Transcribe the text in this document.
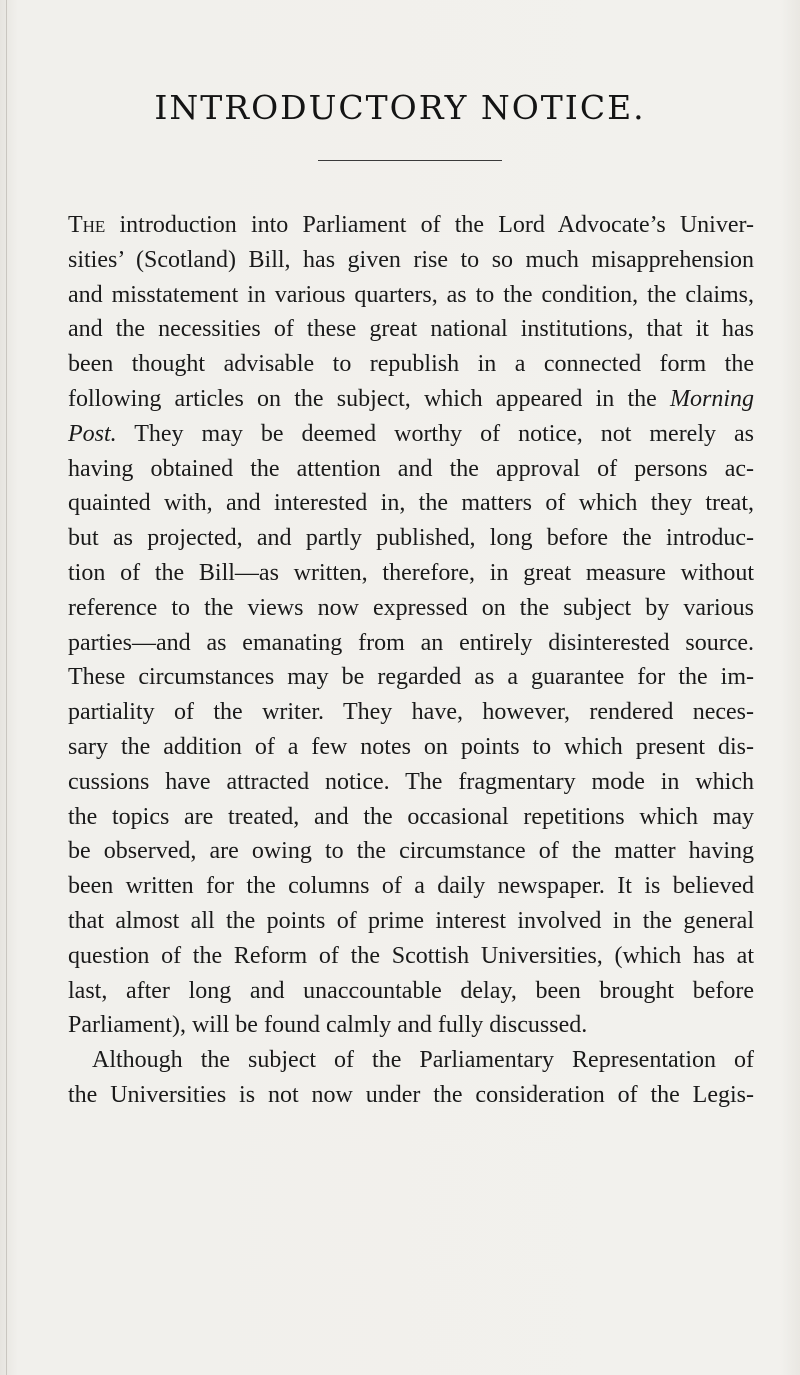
INTRODUCTORY NOTICE.
The introduction into Parliament of the Lord Advocate’s Univer-
sities’ (Scotland) Bill, has given rise to so much misapprehension
and misstatement in various quarters, as to the condition, the claims,
and the necessities of these great national institutions, that it has
been thought advisable to republish in a connected form the
following articles on the subject, which appeared in the Morning
Post. They may be deemed worthy of notice, not merely as
having obtained the attention and the approval of persons ac-
quainted with, and interested in, the matters of which they treat,
but as projected, and partly published, long before the introduc-
tion of the Bill—as written, therefore, in great measure without
reference to the views now expressed on the subject by various
parties—and as emanating from an entirely disinterested source.
These circumstances may be regarded as a guarantee for the im-
partiality of the writer. They have, however, rendered neces-
sary the addition of a few notes on points to which present dis-
cussions have attracted notice. The fragmentary mode in which
the topics are treated, and the occasional repetitions which may
be observed, are owing to the circumstance of the matter having
been written for the columns of a daily newspaper. It is believed
that almost all the points of prime interest involved in the general
question of the Reform of the Scottish Universities, (which has at
last, after long and unaccountable delay, been brought before
Parliament), will be found calmly and fully discussed.
Although the subject of the Parliamentary Representation of
the Universities is not now under the consideration of the Legis-
